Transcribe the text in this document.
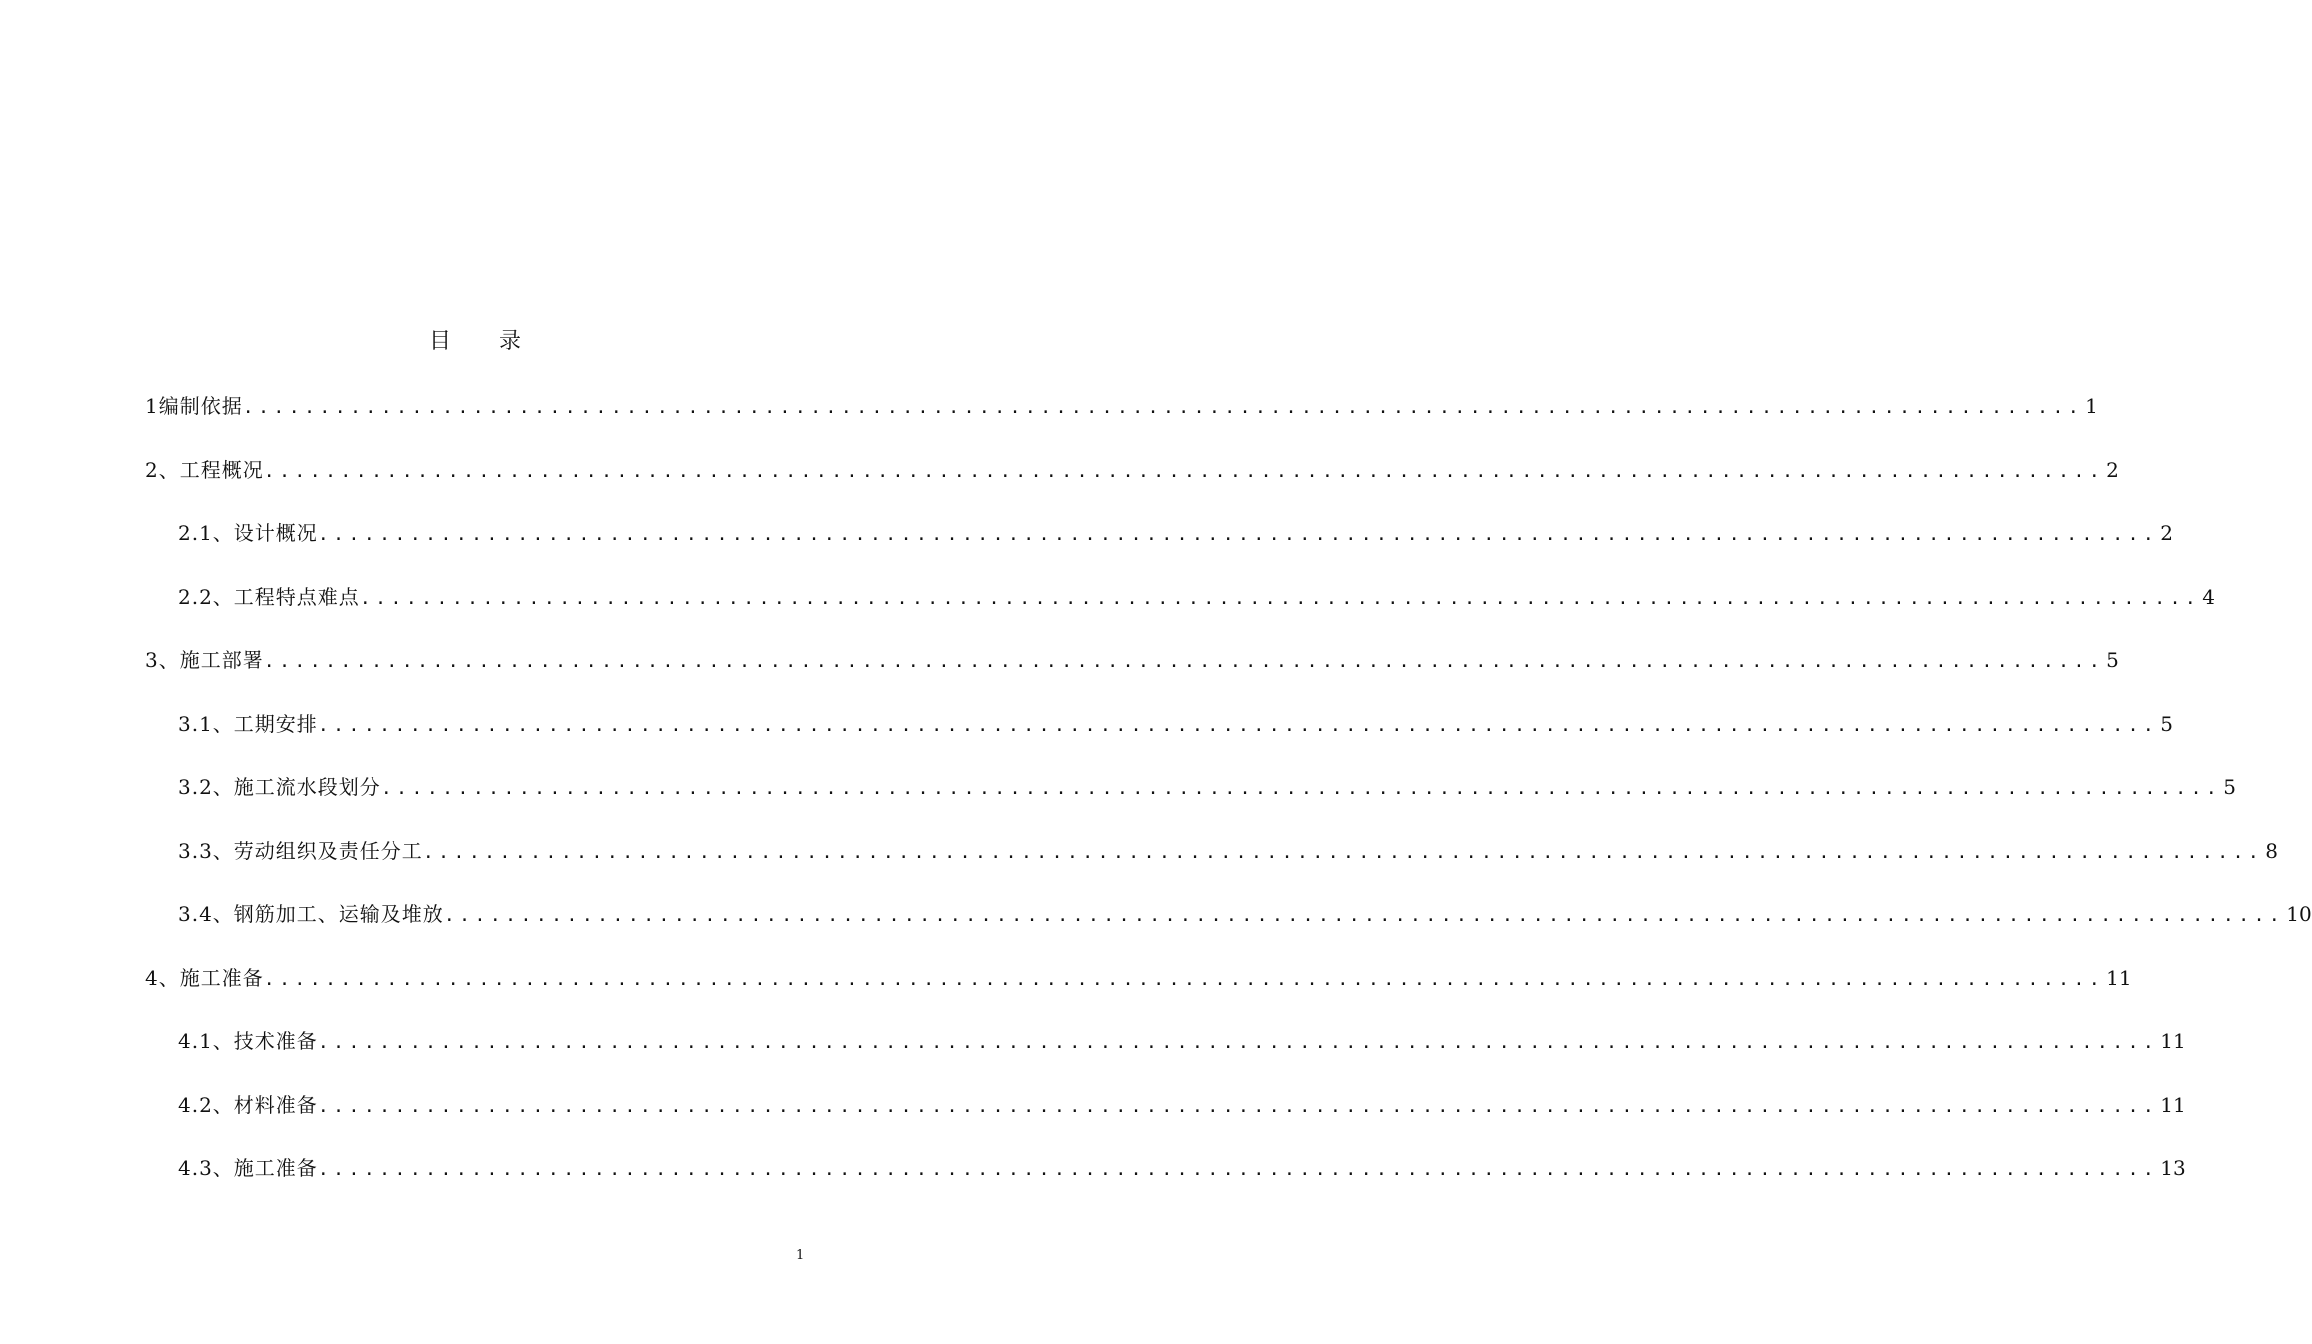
目 录
1编制依据 ........................................................................................................................ 1
2、工程概况 ........................................................................................................................ 2
2.1、设计概况 ........................................................................................................................ 2
2.2、工程特点难点 ........................................................................................................................ 4
3、施工部署 ........................................................................................................................ 5
3.1、工期安排 ........................................................................................................................ 5
3.2、施工流水段划分 ........................................................................................................................ 5
3.3、劳动组织及责任分工 ........................................................................................................................ 8
3.4、钢筋加工、运输及堆放 ........................................................................................................................ 10
4、施工准备 ........................................................................................................................ 11
4.1、技术准备 ........................................................................................................................ 11
4.2、材料准备 ........................................................................................................................ 11
4.3、施工准备 ........................................................................................................................ 13

1
